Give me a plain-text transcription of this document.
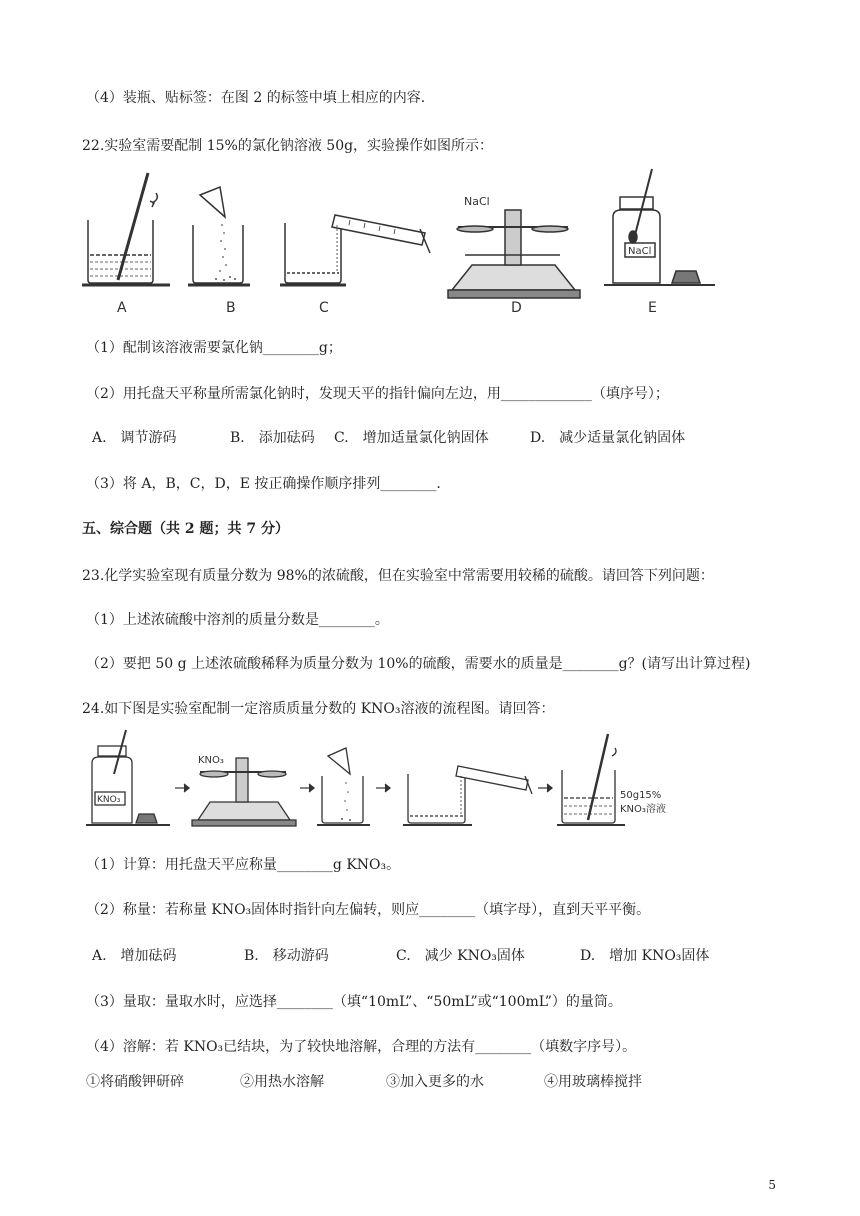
（4）装瓶、贴标签：在图 2 的标签中填上相应的内容.
22.实验室需要配制 15%的氯化钠溶液 50g，实验操作如图所示：
NaCl
NaCl
A	B	C	D	E
（1）配制该溶液需要氯化钠________g；
（2）用托盘天平称量所需氯化钠时，发现天平的指针偏向左边，用_____________（填序号）；
A.　调节游码	B.　添加砝码 C.　增加适量氯化钠固体	D.　减少适量氯化钠固体
（3）将 A，B，C，D，E 按正确操作顺序排列________.
五、综合题（共 2 题；共 7 分）
23.化学实验室现有质量分数为 98%的浓硫酸，但在实验室中常需要用较稀的硫酸。请回答下列问题：
（1）上述浓硫酸中溶剂的质量分数是________。
（2）要把 50 g 上述浓硫酸稀释为质量分数为 10%的硫酸，需要水的质量是________g？(请写出计算过程)
24.如下图是实验室配制一定溶质质量分数的 KNO₃溶液的流程图。请回答：
KNO₃
KNO₃
50g15%
KNO₃溶液
（1）计算：用托盘天平应称量________g KNO₃。
（2）称量：若称量 KNO₃固体时指针向左偏转，则应________（填字母），直到天平平衡。
A.　增加砝码	B.　移动游码	C.　减少 KNO₃固体	D.　增加 KNO₃固体
（3）量取：量取水时，应选择________（填“10mL”、“50mL”或“100mL”）的量筒。
（4）溶解：若 KNO₃已结块，为了较快地溶解，合理的方法有________（填数字序号）。
①将硝酸钾研碎	②用热水溶解	③加入更多的水	④用玻璃棒搅拌
5
